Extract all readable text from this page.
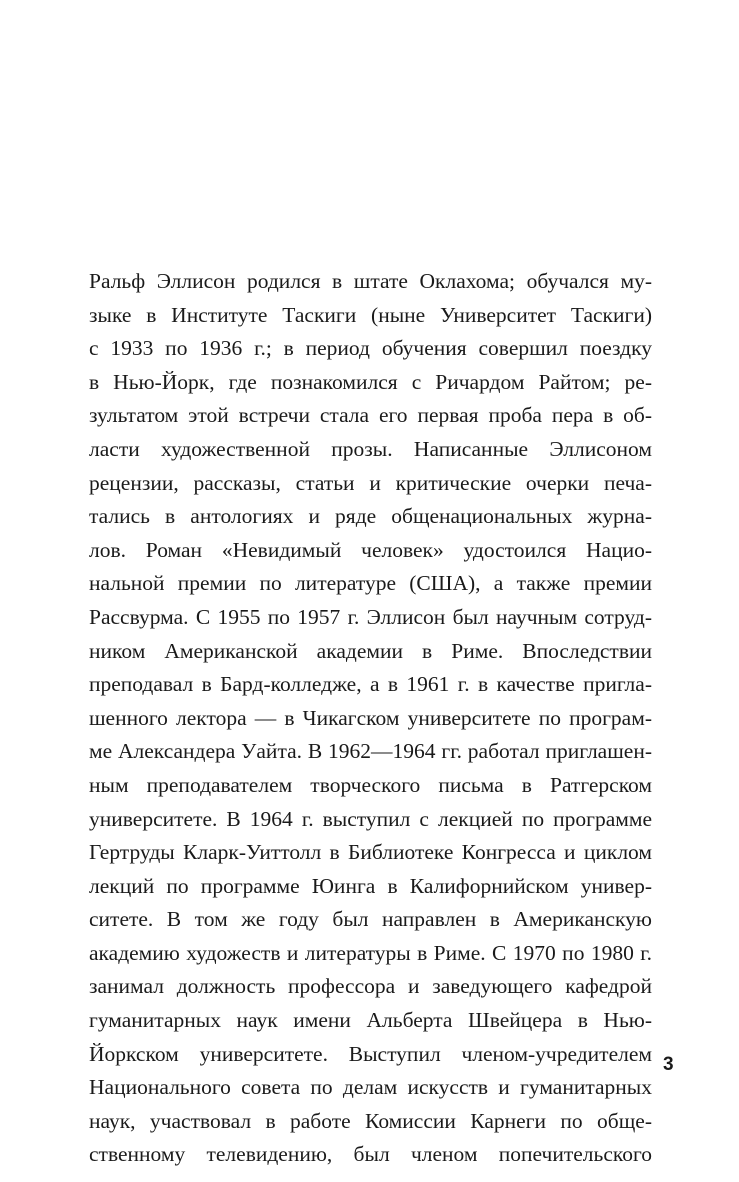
Ральф Эллисон родился в штате Оклахома; обучался му-
зыке в Институте Таскиги (ныне Университет Таскиги)
с 1933 по 1936 г.; в период обучения совершил поездку
в Нью-Йорк, где познакомился с Ричардом Райтом; ре-
зультатом этой встречи стала его первая проба пера в об-
ласти художественной прозы. Написанные Эллисоном
рецензии, рассказы, статьи и критические очерки печа-
тались в антологиях и ряде общенациональных журна-
лов. Роман «Невидимый человек» удостоился Нацио-
нальной премии по литературе (США), а также премии
Рассвурма. С 1955 по 1957 г. Эллисон был научным сотруд-
ником Американской академии в Риме. Впоследствии
преподавал в Бард-колледже, а в 1961 г. в качестве пригла-
шенного лектора — в Чикагском университете по програм-
ме Александера Уайта. В 1962—1964 гг. работал приглашен-
ным преподавателем творческого письма в Ратгерском
университете. В 1964 г. выступил с лекцией по программе
Гертруды Кларк-Уиттолл в Библиотеке Конгресса и циклом
лекций по программе Юинга в Калифорнийском универ-
ситете. В том же году был направлен в Американскую
академию художеств и литературы в Риме. С 1970 по 1980 г.
занимал должность профессора и заведующего кафедрой
гуманитарных наук имени Альберта Швейцера в Нью-
Йоркском университете. Выступил членом-учредителем
Национального совета по делам искусств и гуманитарных
наук, участвовал в работе Комиссии Карнеги по обще-
ственному телевидению, был членом попечительского
3
